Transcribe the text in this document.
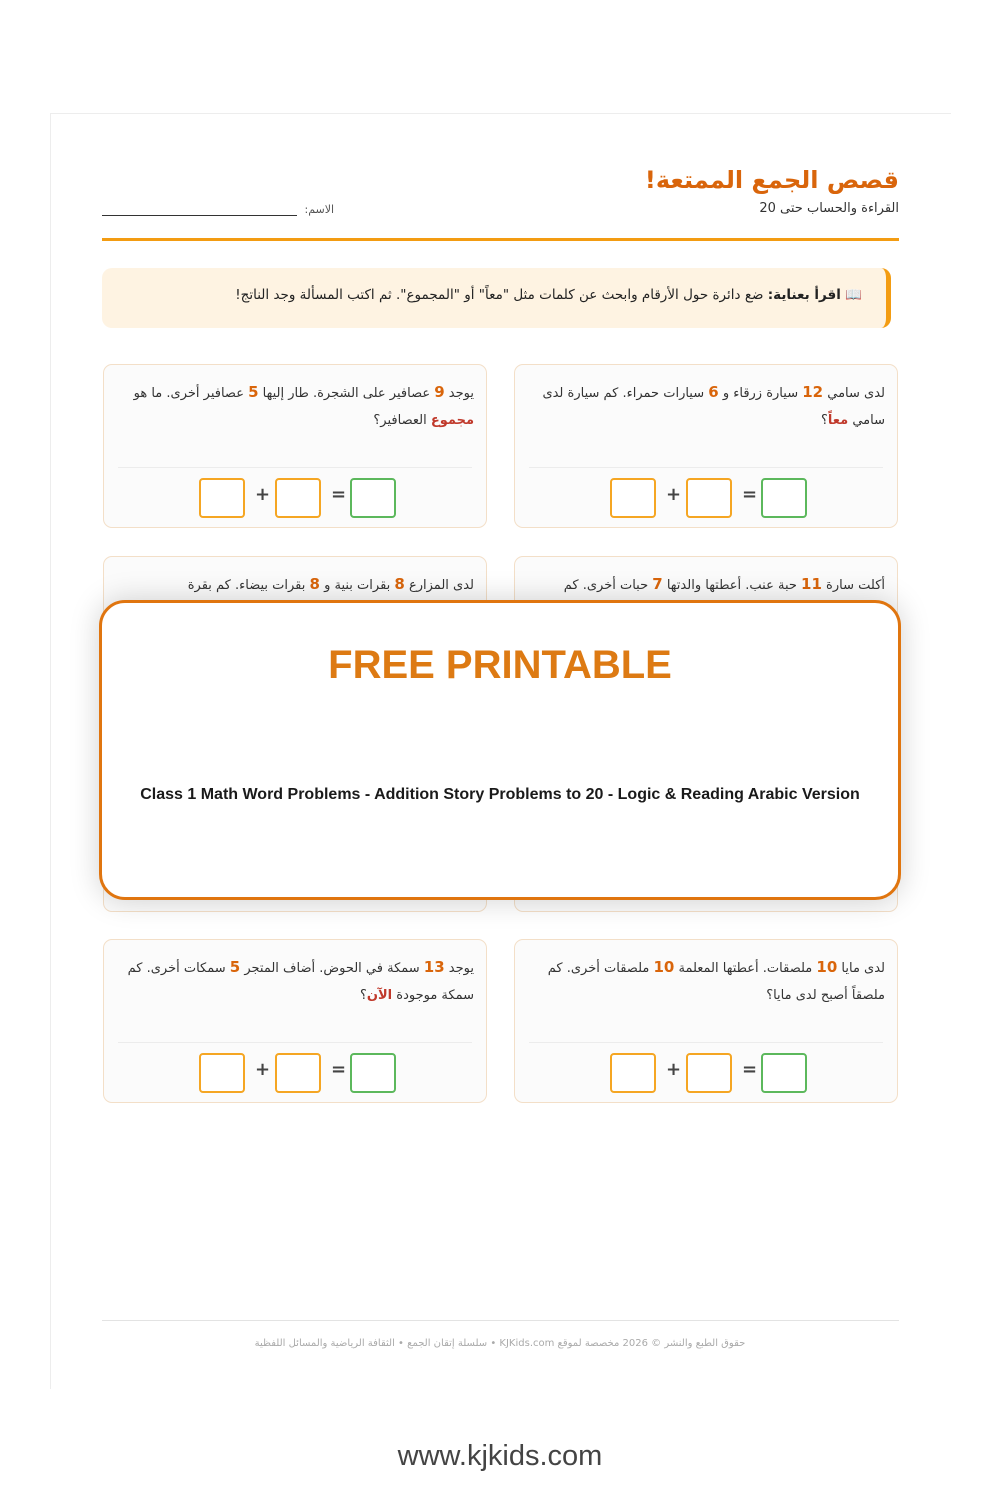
قصص الجمع الممتعة!
القراءة والحساب حتى 20
الاسم:
📖 اقرأ بعناية: ضع دائرة حول الأرقام وابحث عن كلمات مثل "معاً" أو "المجموع". ثم اكتب المسألة وجد الناتج!
لدى سامي 12 سيارة زرقاء و 6 سيارات حمراء. كم سيارة لدى سامي معاً؟
+	=
يوجد 9 عصافير على الشجرة. طار إليها 5 عصافير أخرى. ما هو مجموع العصافير؟
+	=
أكلت سارة 11 حبة عنب. أعطتها والدتها 7 حبات أخرى. كم
لدى المزارع 8 بقرات بنية و 8 بقرات بيضاء. كم بقرة
لدى مايا 10 ملصقات. أعطتها المعلمة 10 ملصقات أخرى. كم ملصقاً أصبح لدى مايا؟
+	=
يوجد 13 سمكة في الحوض. أضاف المتجر 5 سمكات أخرى. كم سمكة موجودة الآن؟
+	=
FREE PRINTABLE
Class 1 Math Word Problems - Addition Story Problems to 20 - Logic & Reading Arabic Version
حقوق الطبع والنشر © 2026 مخصصة لموقع KJKids.com • سلسلة إتقان الجمع • الثقافة الرياضية والمسائل اللفظية
www.kjkids.com
